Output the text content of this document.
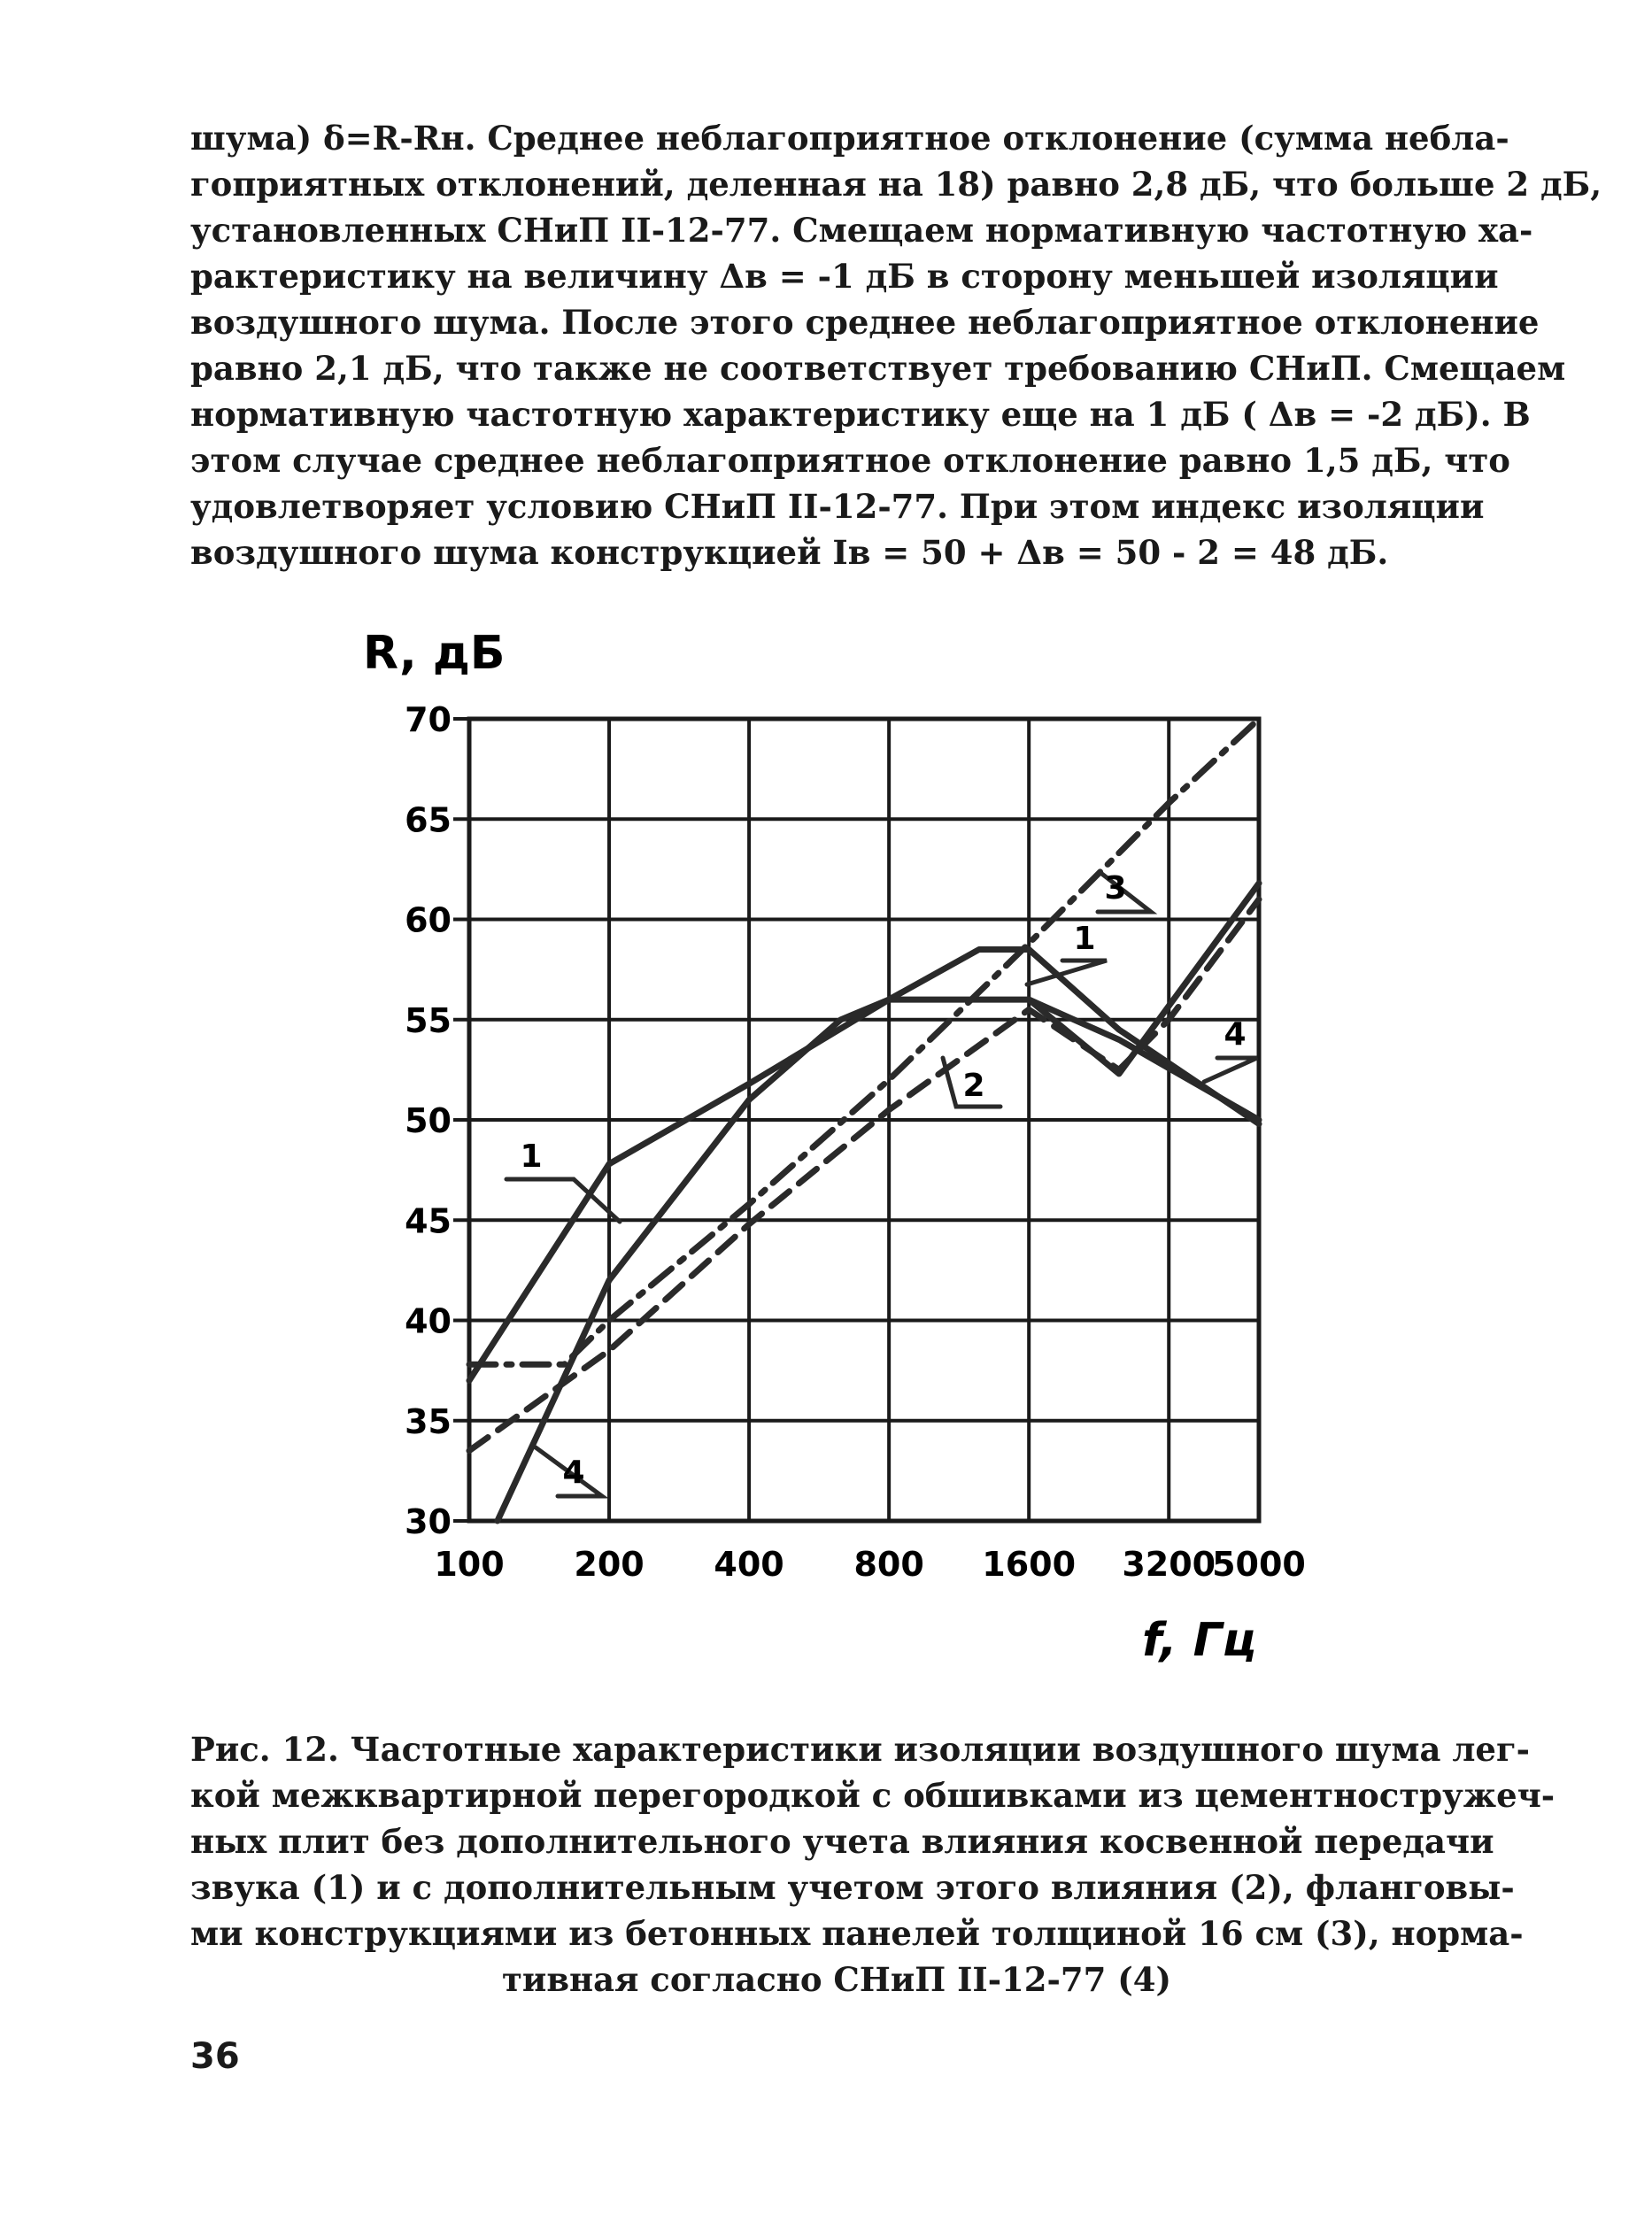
шума) δ=R-Rн. Среднее неблагоприятное отклонение (сумма небла-
гоприятных отклонений, деленная на 18) равно 2,8 дБ, что больше 2 дБ,
установленных СНиП II-12-77. Смещаем нормативную частотную ха-
рактеристику на величину Δв = -1 дБ в сторону меньшей изоляции
воздушного шума. После этого среднее неблагоприятное отклонение
равно 2,1 дБ, что также не соответствует требованию СНиП. Смещаем
нормативную частотную характеристику еще на 1 дБ ( Δв = -2 дБ). В
этом случае среднее неблагоприятное отклонение равно 1,5 дБ, что
удовлетворяет условию СНиП II-12-77. При этом индекс изоляции
воздушного шума конструкцией Iв = 50 + Δв = 50 - 2 = 48 дБ.
100 200 400 800 1600 3200
5000
30
35
40
45
50
55
60
65
70
1
1
2
3
4
4
R, дБ
f, Гц
Рис. 12. Частотные характеристики изоляции воздушного шума лег-
кой межквартирной перегородкой с обшивками из цементностружеч-
ных плит без дополнительного учета влияния косвенной передачи
звука (1) и с дополнительным учетом этого влияния (2), фланговы-
ми конструкциями из бетонных панелей толщиной 16 см (3), норма-
тивная согласно СНиП II-12-77 (4)
36
